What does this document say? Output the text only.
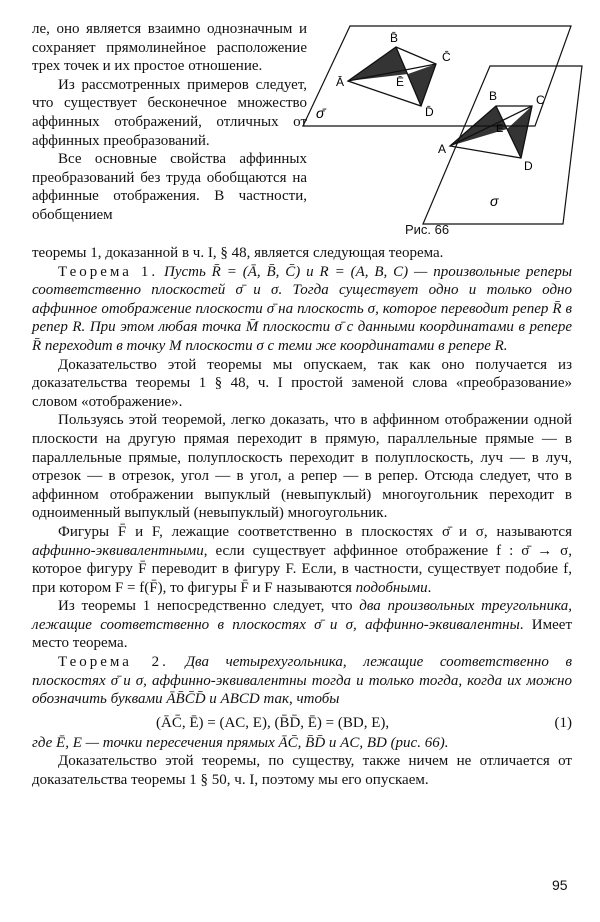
ле, оно является взаимно однозначным и сохраняет прямолинейное расположение трех точек и их простое отношение.

Из рассмотренных примеров следует, что существует бесконечное множество аффинных отображений, отличных от аффинных преобразований.

Все основные свойства аффинных преобразований без труда обобщаются на аффинные отображения. В частности, обобщением

Ā
B̄
C̄
D̄
Ē
σ̄
A
B	C
D
E
σ
Рис. 66

теоремы 1, доказанной в ч. I, § 48, является следующая теорема.

Теорема 1. Пусть R̄ = (Ā, B̄, C̄) и R = (A, B, C) — произвольные реперы соответственно плоскостей σ̄ и σ. Тогда существует одно и только одно аффинное отображение плоскости σ̄ на плоскость σ, которое переводит репер R̄ в репер R. При этом любая точка M̄ плоскости σ̄ с данными координатами в репере R̄ переходит в точку M плоскости σ с теми же координатами в репере R.

Доказательство этой теоремы мы опускаем, так как оно получается из доказательства теоремы 1 § 48, ч. I простой заменой слова «преобразование» словом «отображение».

Пользуясь этой теоремой, легко доказать, что в аффинном отображении одной плоскости на другую прямая переходит в прямую, параллельные прямые — в параллельные прямые, полуплоскость переходит в полуплоскость, луч — в луч, отрезок — в отрезок, угол — в угол, а репер — в репер. Отсюда следует, что в аффинном отображении выпуклый (невыпуклый) многоугольник переходит в одноименный выпуклый (невыпуклый) многоугольник.

Фигуры F̄ и F, лежащие соответственно в плоскостях σ̄ и σ, называются аффинно-эквивалентными, если существует аффинное отображение f : σ̄ → σ, которое фигуру F̄ переводит в фигуру F. Если, в частности, существует подобие f, при котором F = f(F̄), то фигуры F̄ и F называются подобными.

Из теоремы 1 непосредственно следует, что два произвольных треугольника, лежащие соответственно в плоскостях σ̄ и σ, аффинно-эквивалентны. Имеет место теорема.

Теорема 2. Два четырехугольника, лежащие соответственно в плоскостях σ̄ и σ, аффинно-эквивалентны тогда и только тогда, когда их можно обозначить буквами ĀB̄C̄D̄ и ABCD так, чтобы

(ĀC̄, Ē) = (AC, E), (B̄D̄, Ē) = (BD, E),	(1)

где Ē, E — точки пересечения прямых ĀC̄, B̄D̄ и AC, BD (рис. 66).

Доказательство этой теоремы, по существу, также ничем не отличается от доказательства теоремы 1 § 50, ч. I, поэтому мы его опускаем.

95
